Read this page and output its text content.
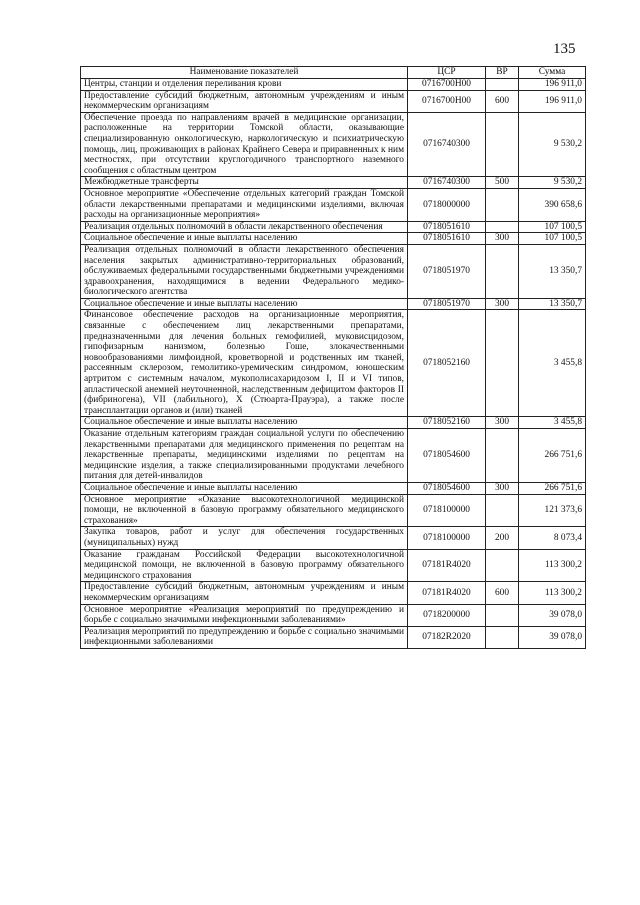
135
Наименование показателей	ЦСР	ВР	Сумма
Центры, станции и отделения переливания крови	0716700Н00		196 911,0
Предоставление субсидий бюджетным, автономным учреждениям и иным некоммерческим организациям	0716700Н00	600	196 911,0
Обеспечение проезда по направлениям врачей в медицинские организации, расположенные на территории Томской области, оказывающие специализированную онкологическую, наркологическую и психиатрическую помощь, лиц, проживающих в районах Крайнего Севера и приравненных к ним местностях, при отсутствии круглогодичного транспортного наземного сообщения с областным центром	0716740300		9 530,2
Межбюджетные трансферты	0716740300	500	9 530,2
Основное мероприятие «Обеспечение отдельных категорий граждан Томской области лекарственными препаратами и медицинскими изделиями, включая расходы на организационные мероприятия»	0718000000		390 658,6
Реализация отдельных полномочий в области лекарственного обеспечения	0718051610		107 100,5
Социальное обеспечение и иные выплаты населению	0718051610	300	107 100,5
Реализация отдельных полномочий в области лекарственного обеспечения населения закрытых административно-территориальных образований, обслуживаемых федеральными государственными бюджетными учреждениями здравоохранения, находящимися в ведении Федерального медико-биологического агентства	0718051970		13 350,7
Социальное обеспечение и иные выплаты населению	0718051970	300	13 350,7
Финансовое обеспечение расходов на организационные мероприятия, связанные с обеспечением лиц лекарственными препаратами, предназначенными для лечения больных гемофилией, муковисцидозом, гипофизарным нанизмом, болезнью Гоше, злокачественными новообразованиями лимфоидной, кроветворной и родственных им тканей, рассеянным склерозом, гемолитико-уремическим синдромом, юношеским артритом с системным началом, мукополисахаридозом I, II и VI типов, апластической анемией неуточненной, наследственным дефицитом факторов II (фибриногена), VII (лабильного), X (Стюарта-Прауэра), а также после трансплантации органов и (или) тканей	0718052160		3 455,8
Социальное обеспечение и иные выплаты населению	0718052160	300	3 455,8
Оказание отдельным категориям граждан социальной услуги по обеспечению лекарственными препаратами для медицинского применения по рецептам на лекарственные препараты, медицинскими изделиями по рецептам на медицинские изделия, а также специализированными продуктами лечебного питания для детей-инвалидов	0718054600		266 751,6
Социальное обеспечение и иные выплаты населению	0718054600	300	266 751,6
Основное мероприятие «Оказание высокотехнологичной медицинской помощи, не включенной в базовую программу обязательного медицинского страхования»	0718100000		121 373,6
Закупка товаров, работ и услуг для обеспечения государственных (муниципальных) нужд	0718100000	200	8 073,4
Оказание гражданам Российской Федерации высокотехнологичной медицинской помощи, не включенной в базовую программу обязательного медицинского страхования	07181R4020		113 300,2
Предоставление субсидий бюджетным, автономным учреждениям и иным некоммерческим организациям	07181R4020	600	113 300,2
Основное мероприятие «Реализация мероприятий по предупреждению и борьбе с социально значимыми инфекционными заболеваниями»	0718200000		39 078,0
Реализация мероприятий по предупреждению и борьбе с социально значимыми инфекционными заболеваниями	07182R2020		39 078,0
